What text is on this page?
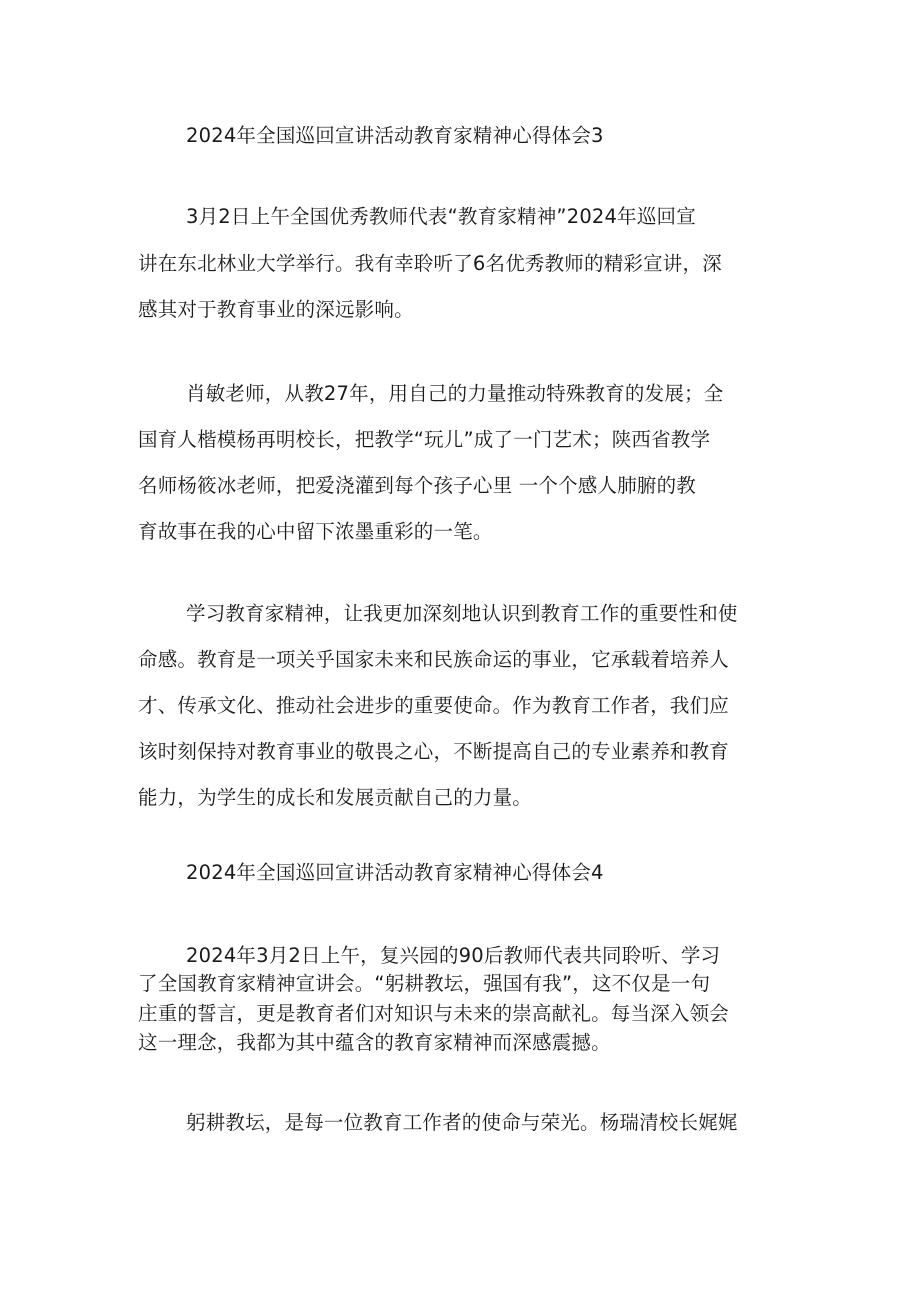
2024年全国巡回宣讲活动教育家精神心得体会3
3月2日上午全国优秀教师代表“教育家精神”2024年巡回宣
讲在东北林业大学举行。我有幸聆听了6名优秀教师的精彩宣讲，深
感其对于教育事业的深远影响。
肖敏老师，从教27年，用自己的力量推动特殊教育的发展；全
国育人楷模杨再明校长，把教学“玩儿”成了一门艺术；陕西省教学
名师杨筱冰老师，把爱浇灌到每个孩子心里 一个个感人肺腑的教
育故事在我的心中留下浓墨重彩的一笔。
学习教育家精神，让我更加深刻地认识到教育工作的重要性和使
命感。教育是一项关乎国家未来和民族命运的事业，它承载着培养人
才、传承文化、推动社会进步的重要使命。作为教育工作者，我们应
该时刻保持对教育事业的敬畏之心，不断提高自己的专业素养和教育
能力，为学生的成长和发展贡献自己的力量。
2024年全国巡回宣讲活动教育家精神心得体会4
2024年3月2日上午，复兴园的90后教师代表共同聆听、学习
了全国教育家精神宣讲会。“躬耕教坛，强国有我”，这不仅是一句
庄重的誓言，更是教育者们对知识与未来的崇高献礼。每当深入领会
这一理念，我都为其中蕴含的教育家精神而深感震撼。
躬耕教坛，是每一位教育工作者的使命与荣光。杨瑞清校长娓娓
